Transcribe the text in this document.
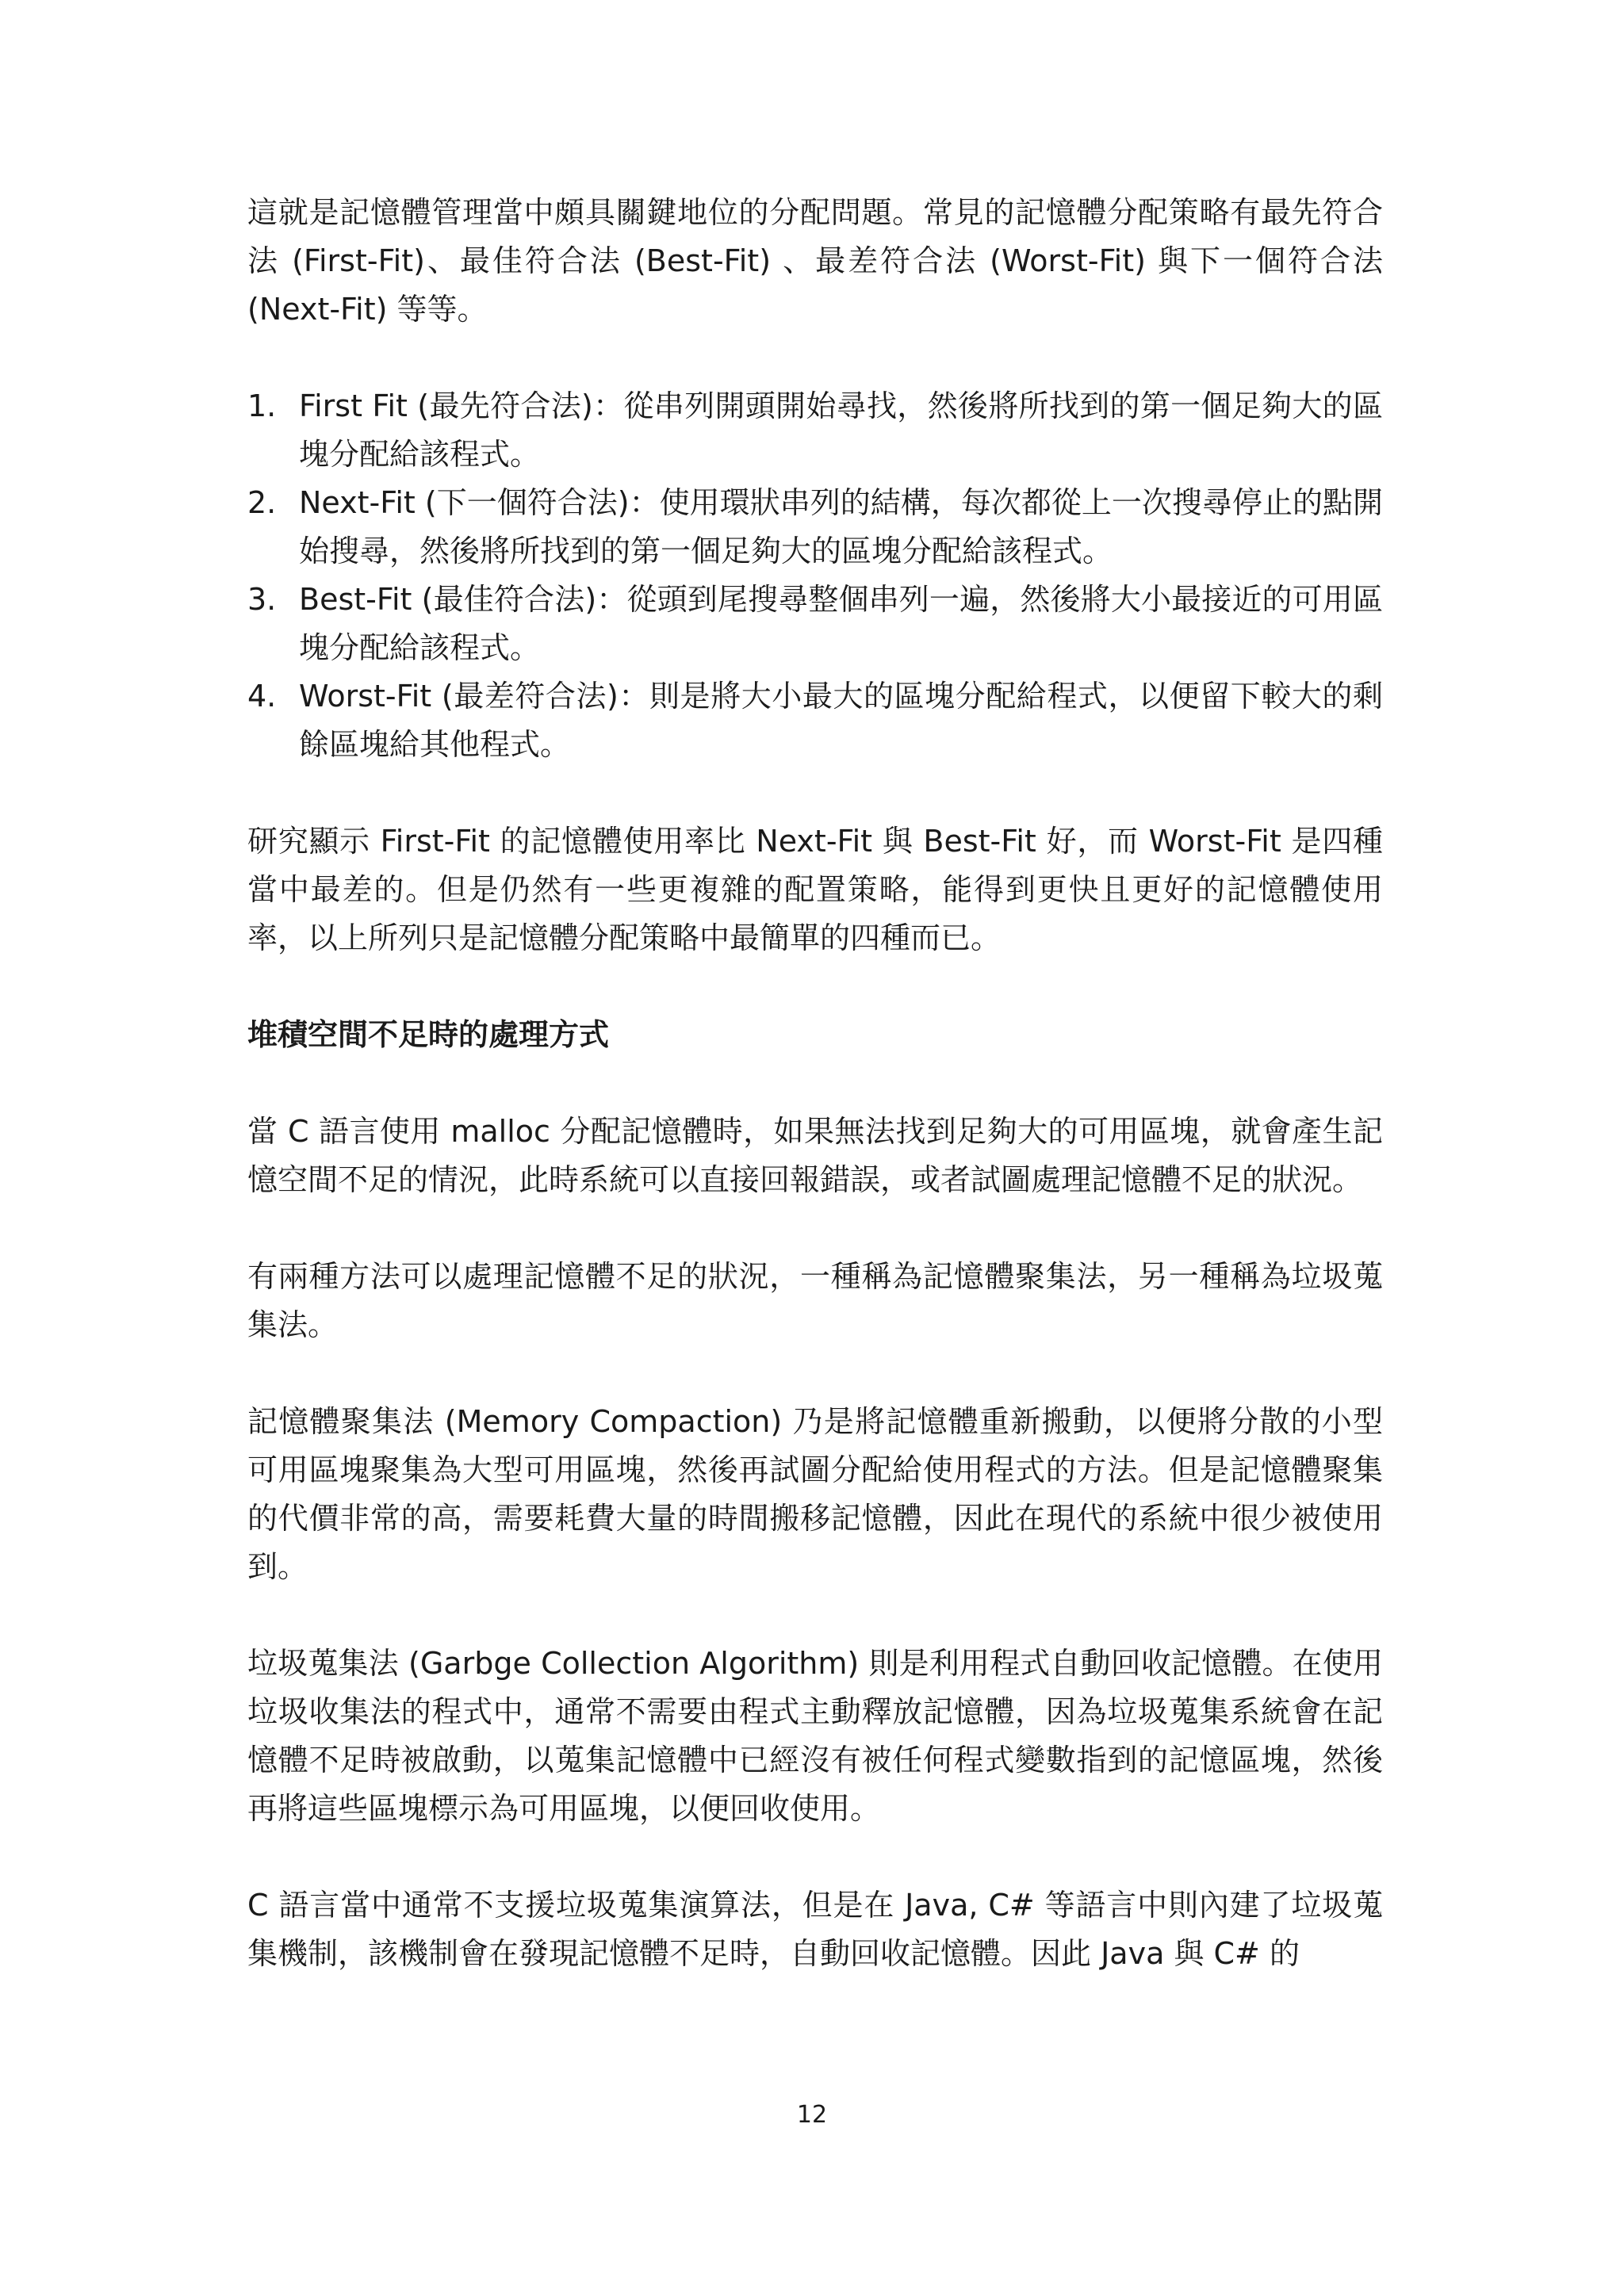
這就是記憶體管理當中頗具關鍵地位的分配問題。常見的記憶體分配策略有最先符合法 (First-Fit)、最佳符合法 (Best-Fit) 、最差符合法 (Worst-Fit) 與下一個符合法 (Next-Fit) 等等。

1. First Fit (最先符合法)：從串列開頭開始尋找，然後將所找到的第一個足夠大的區塊分配給該程式。
2. Next-Fit (下一個符合法)：使用環狀串列的結構，每次都從上一次搜尋停止的點開始搜尋，然後將所找到的第一個足夠大的區塊分配給該程式。
3. Best-Fit (最佳符合法)：從頭到尾搜尋整個串列一遍，然後將大小最接近的可用區塊分配給該程式。
4. Worst-Fit (最差符合法)：則是將大小最大的區塊分配給程式，以便留下較大的剩餘區塊給其他程式。

研究顯示 First-Fit 的記憶體使用率比 Next-Fit 與 Best-Fit 好，而 Worst-Fit 是四種當中最差的。但是仍然有一些更複雜的配置策略，能得到更快且更好的記憶體使用率，以上所列只是記憶體分配策略中最簡單的四種而已。

堆積空間不足時的處理方式

當 C 語言使用 malloc 分配記憶體時，如果無法找到足夠大的可用區塊，就會產生記憶空間不足的情況，此時系統可以直接回報錯誤，或者試圖處理記憶體不足的狀況。

有兩種方法可以處理記憶體不足的狀況，一種稱為記憶體聚集法，另一種稱為垃圾蒐集法。

記憶體聚集法 (Memory Compaction) 乃是將記憶體重新搬動，以便將分散的小型可用區塊聚集為大型可用區塊，然後再試圖分配給使用程式的方法。但是記憶體聚集的代價非常的高，需要耗費大量的時間搬移記憶體，因此在現代的系統中很少被使用到。

垃圾蒐集法 (Garbge Collection Algorithm) 則是利用程式自動回收記憶體。在使用垃圾收集法的程式中，通常不需要由程式主動釋放記憶體，因為垃圾蒐集系統會在記憶體不足時被啟動，以蒐集記憶體中已經沒有被任何程式變數指到的記憶區塊，然後再將這些區塊標示為可用區塊，以便回收使用。

C 語言當中通常不支援垃圾蒐集演算法，但是在 Java, C# 等語言中則內建了垃圾蒐集機制，該機制會在發現記憶體不足時，自動回收記憶體。因此 Java 與 C# 的

12
